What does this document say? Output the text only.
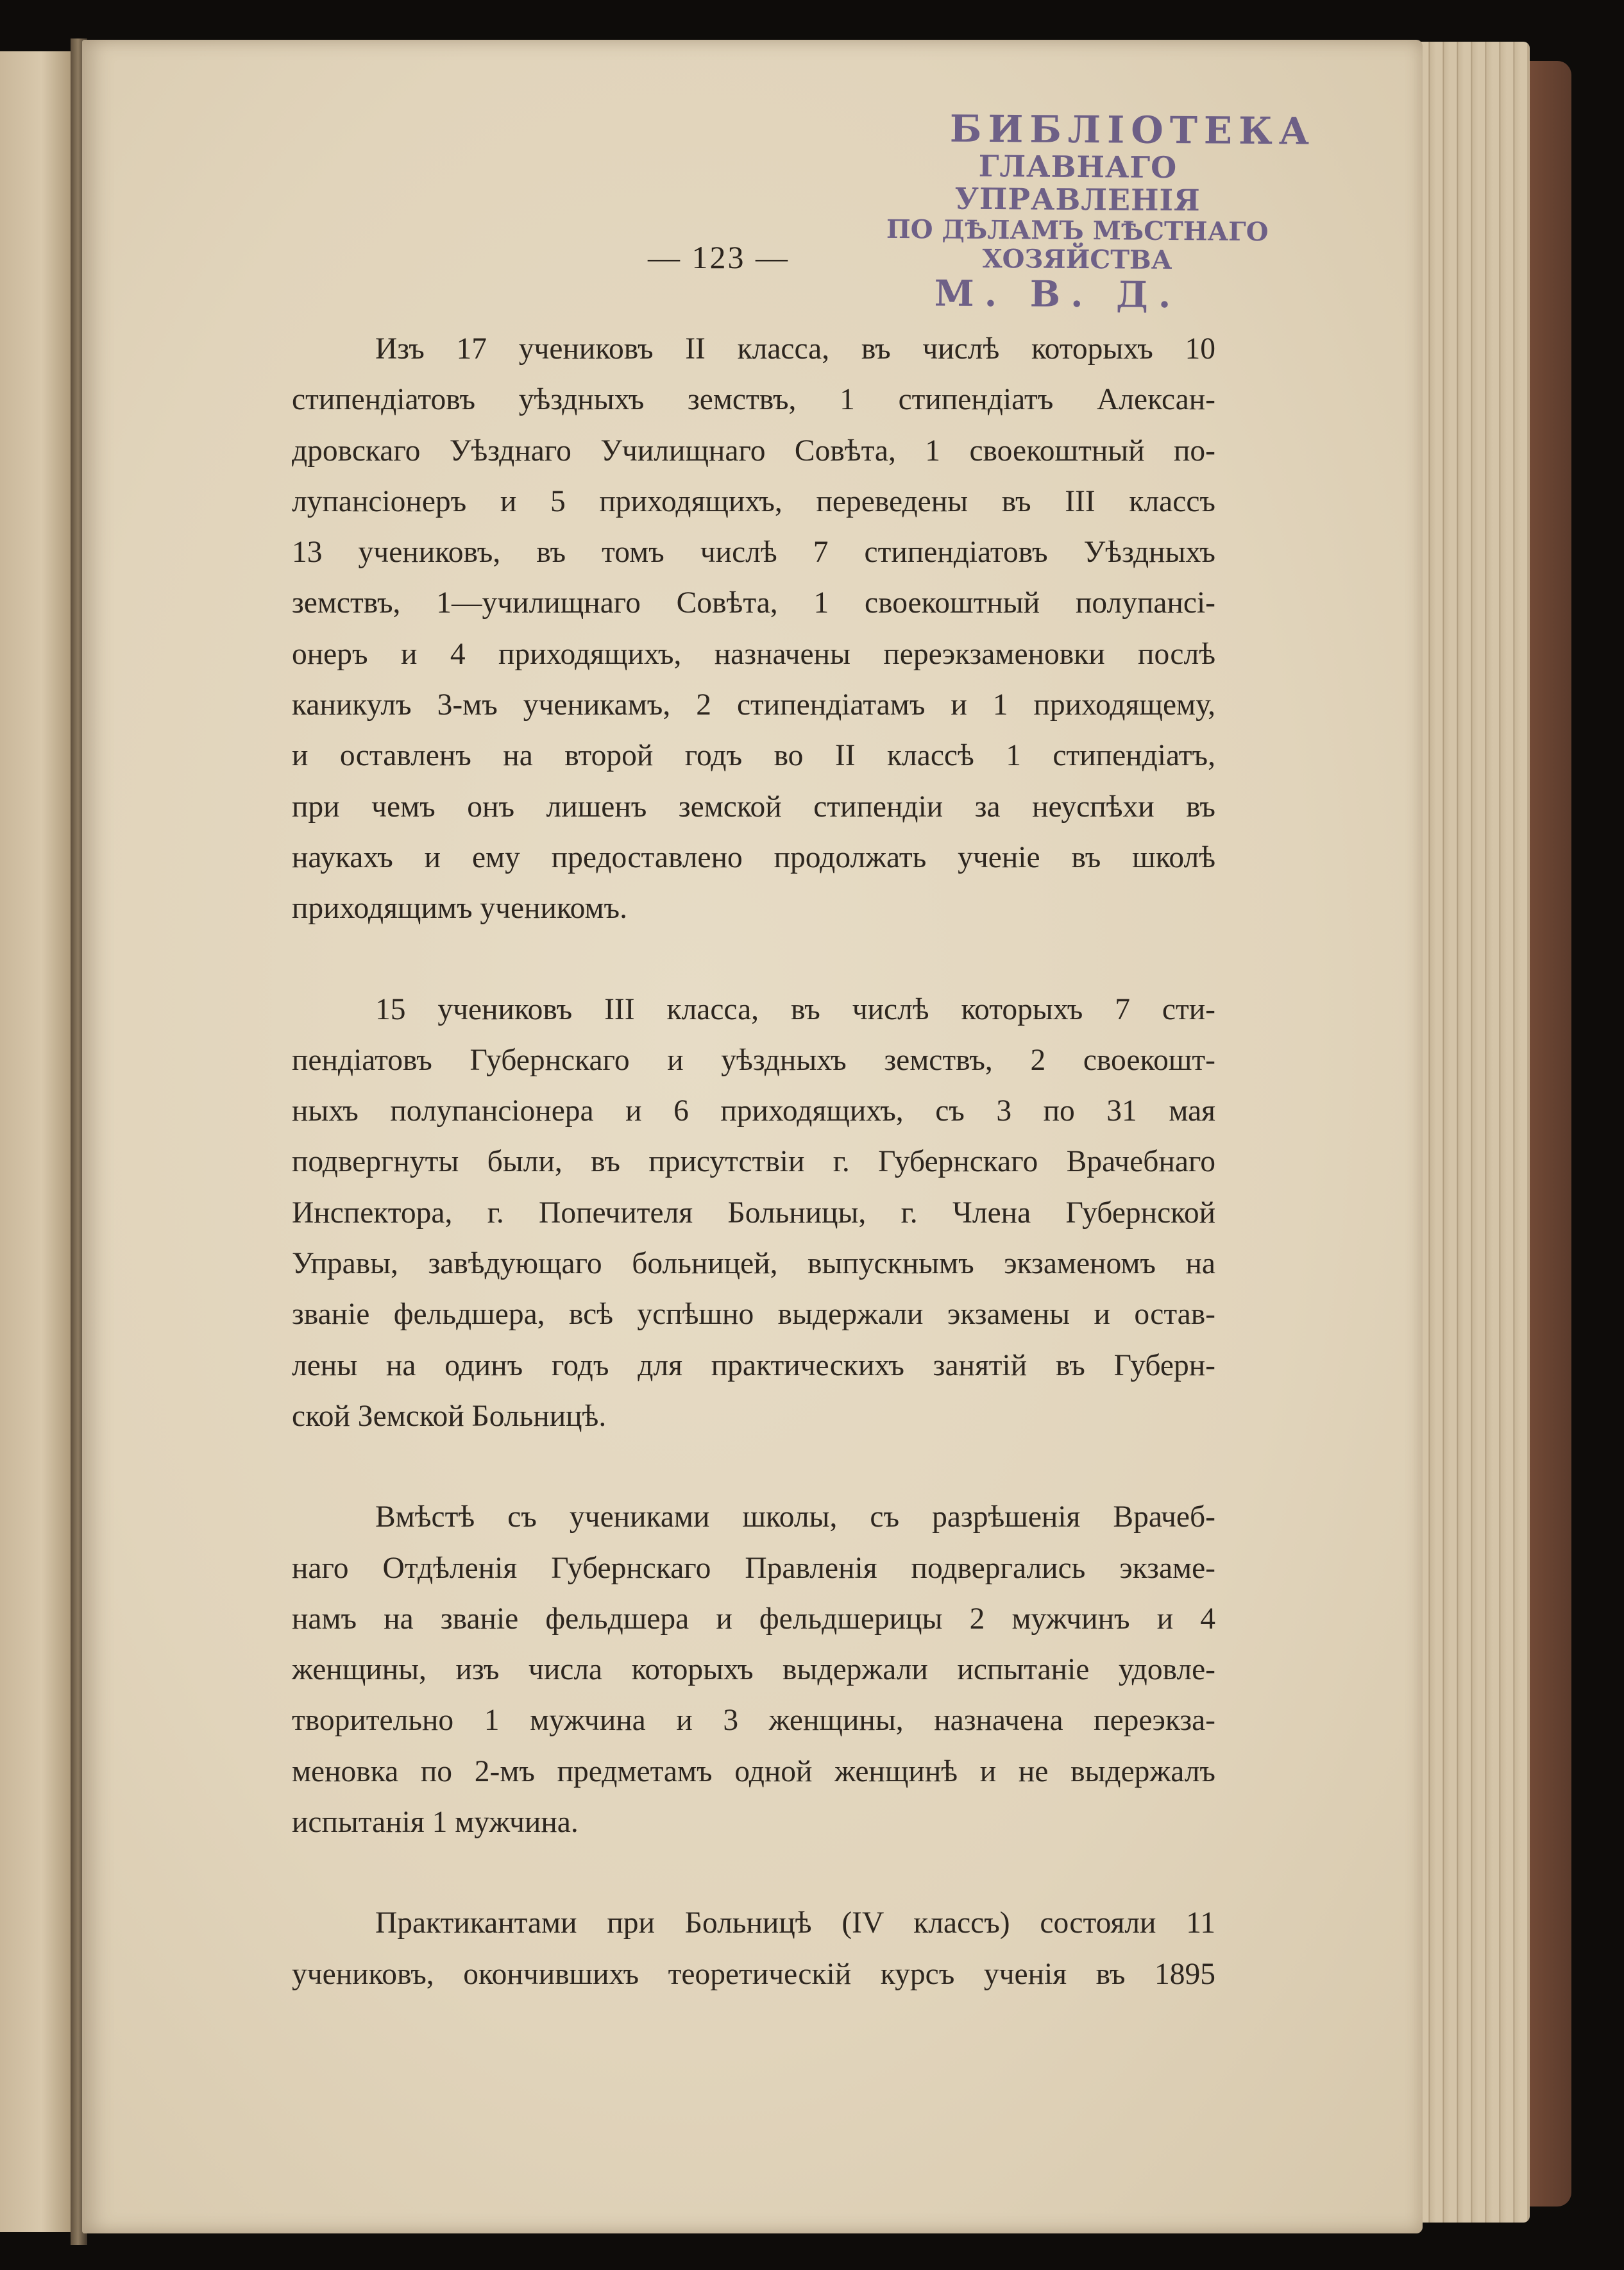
— 123 —
БИБЛІОТЕКА
ГЛАВНАГО УПРАВЛЕНІЯ
ПО ДѢЛАМЪ МѢСТНАГО ХОЗЯЙСТВА
М. В. Д.

Изъ 17 учениковъ II класса, въ числѣ которыхъ 10
стипендіатовъ уѣздныхъ земствъ, 1 стипендіатъ Алексан-
дровскаго Уѣзднаго Училищнаго Совѣта, 1 своекоштный по-
лупансіонеръ и 5 приходящихъ, переведены въ III классъ
13 учениковъ, въ томъ числѣ 7 стипендіатовъ Уѣздныхъ
земствъ, 1—училищнаго Совѣта, 1 своекоштный полупансі-
онеръ и 4 приходящихъ, назначены переэкзаменовки послѣ
каникулъ 3-мъ ученикамъ, 2 стипендіатамъ и 1 приходящему,
и оставленъ на второй годъ во II классѣ 1 стипендіатъ,
при чемъ онъ лишенъ земской стипендіи за неуспѣхи въ
наукахъ и ему предоставлено продолжать ученіе въ школѣ
приходящимъ ученикомъ.

15 учениковъ III класса, въ числѣ которыхъ 7 сти-
пендіатовъ Губернскаго и уѣздныхъ земствъ, 2 своекошт-
ныхъ полупансіонера и 6 приходящихъ, съ 3 по 31 мая
подвергнуты были, въ присутствіи г. Губернскаго Врачебнаго
Инспектора, г. Попечителя Больницы, г. Члена Губернской
Управы, завѣдующаго больницей, выпускнымъ экзаменомъ на
званіе фельдшера, всѣ успѣшно выдержали экзамены и остав-
лены на одинъ годъ для практическихъ занятій въ Губерн-
ской Земской Больницѣ.

Вмѣстѣ съ учениками школы, съ разрѣшенія Врачеб-
наго Отдѣленія Губернскаго Правленія подвергались экзаме-
намъ на званіе фельдшера и фельдшерицы 2 мужчинъ и 4
женщины, изъ числа которыхъ выдержали испытаніе удовле-
творительно 1 мужчина и 3 женщины, назначена переэкза-
меновка по 2-мъ предметамъ одной женщинѣ и не выдержалъ
испытанія 1 мужчина.

Практикантами при Больницѣ (IV классъ) состояли 11
учениковъ, окончившихъ теоретическій курсъ ученія въ 1895
